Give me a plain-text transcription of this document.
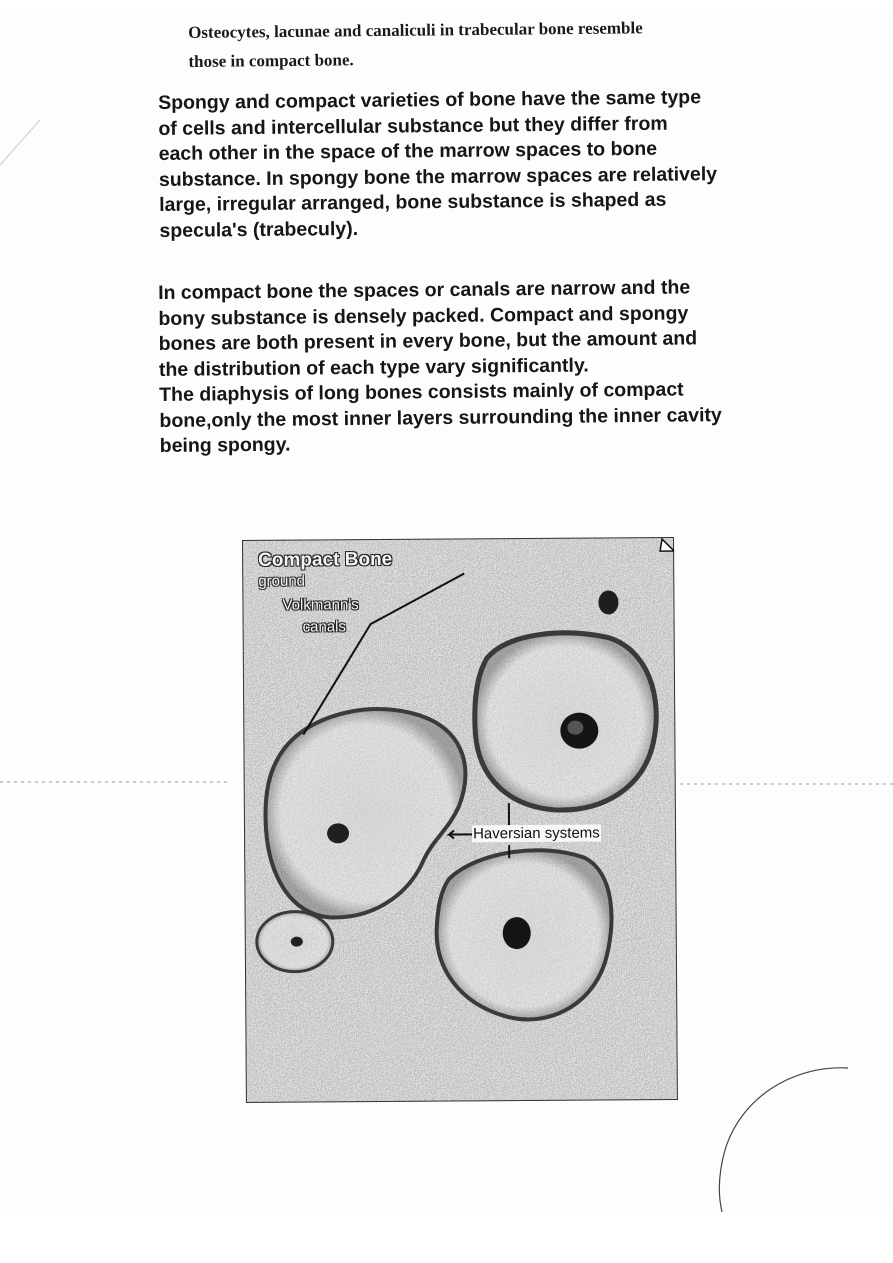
Osteocytes, lacunae and canaliculi in trabecular bone resemble
those in compact bone.
Spongy and compact varieties of bone have the same type
of cells and intercellular substance but they differ from
each other in the space of the marrow spaces to bone
substance. In spongy bone the marrow spaces are relatively
large, irregular arranged, bone substance is shaped as
specula's (trabeculy).
In compact bone the spaces or canals are narrow and the
bony substance is densely packed. Compact and spongy
bones are both present in every bone, but the amount and
the distribution of each type vary significantly.
The diaphysis of long bones consists mainly of compact
bone,only the most inner layers surrounding the inner cavity
being spongy.
Compact Bone
ground
Volkmann's
canals
Haversian systems
